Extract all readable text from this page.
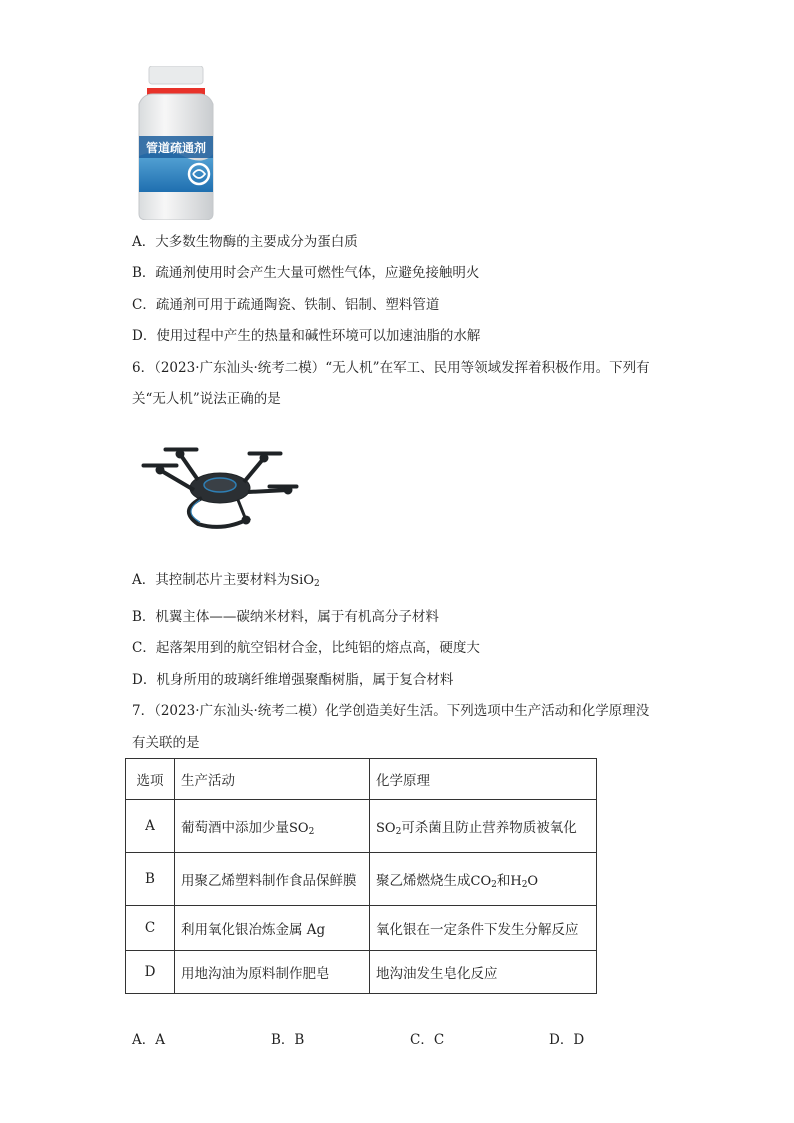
管道疏通剂
A．大多数生物酶的主要成分为蛋白质
B．疏通剂使用时会产生大量可燃性气体，应避免接触明火
C．疏通剂可用于疏通陶瓷、铁制、铝制、塑料管道
D．使用过程中产生的热量和碱性环境可以加速油脂的水解
6．（2023·广东汕头·统考二模）“无人机”在军工、民用等领域发挥着积极作用。下列有
关“无人机”说法正确的是
A．其控制芯片主要材料为SiO$_2$
B．机翼主体——碳纳米材料，属于有机高分子材料
C．起落架用到的航空铝材合金，比纯铝的熔点高，硬度大
D．机身所用的玻璃纤维增强聚酯树脂，属于复合材料
7．（2023·广东汕头·统考二模）化学创造美好生活。下列选项中生产活动和化学原理没
有关联的是
选项	生产活动	化学原理
A	葡萄酒中添加少量$SO_2$	$SO_2$可杀菌且防止营养物质被氧化
B	用聚乙烯塑料制作食品保鲜膜	聚乙烯燃烧生成$CO_2$和$H_2O$
C	利用氧化银冶炼金属 Ag	氧化银在一定条件下发生分解反应
D	用地沟油为原料制作肥皂	地沟油发生皂化反应
A．A	B．B	C．C	D．D
